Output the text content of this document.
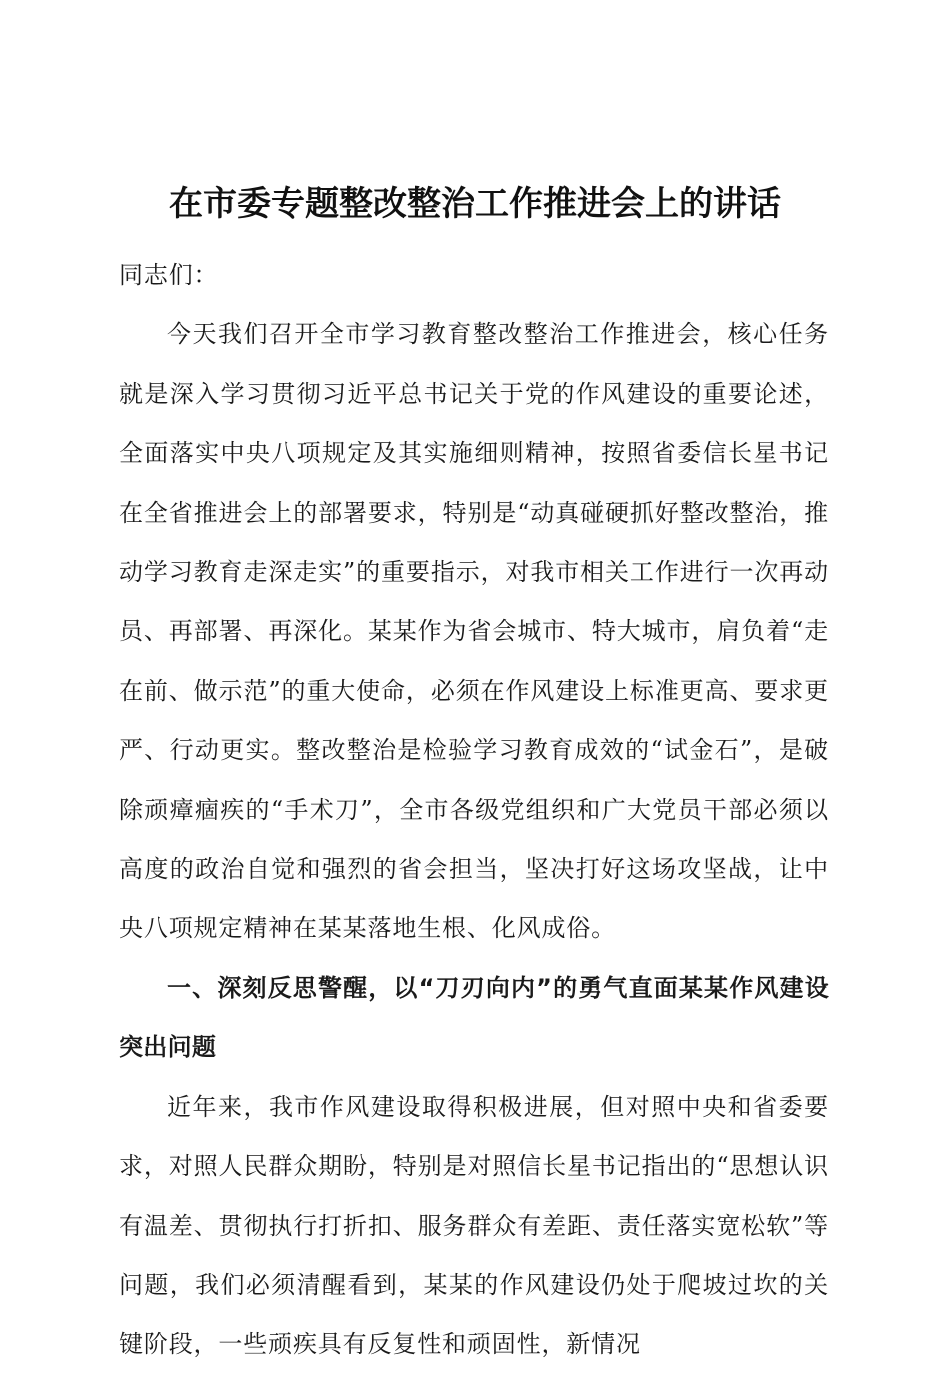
在市委专题整改整治工作推进会上的讲话

同志们：

今天我们召开全市学习教育整改整治工作推进会，核心任务就是深入学习贯彻习近平总书记关于党的作风建设的重要论述，全面落实中央八项规定及其实施细则精神，按照省委信长星书记在全省推进会上的部署要求，特别是“动真碰硬抓好整改整治，推动学习教育走深走实”的重要指示，对我市相关工作进行一次再动员、再部署、再深化。某某作为省会城市、特大城市，肩负着“走在前、做示范”的重大使命，必须在作风建设上标准更高、要求更严、行动更实。整改整治是检验学习教育成效的“试金石”，是破除顽瘴痼疾的“手术刀”，全市各级党组织和广大党员干部必须以高度的政治自觉和强烈的省会担当，坚决打好这场攻坚战，让中央八项规定精神在某某落地生根、化风成俗。

一、深刻反思警醒，以“刀刃向内”的勇气直面某某作风建设突出问题

近年来，我市作风建设取得积极进展，但对照中央和省委要求，对照人民群众期盼，特别是对照信长星书记指出的“思想认识有温差、贯彻执行打折扣、服务群众有差距、责任落实宽松软”等问题，我们必须清醒看到，某某的作风建设仍处于爬坡过坎的关键阶段，一些顽疾具有反复性和顽固性，新情况
